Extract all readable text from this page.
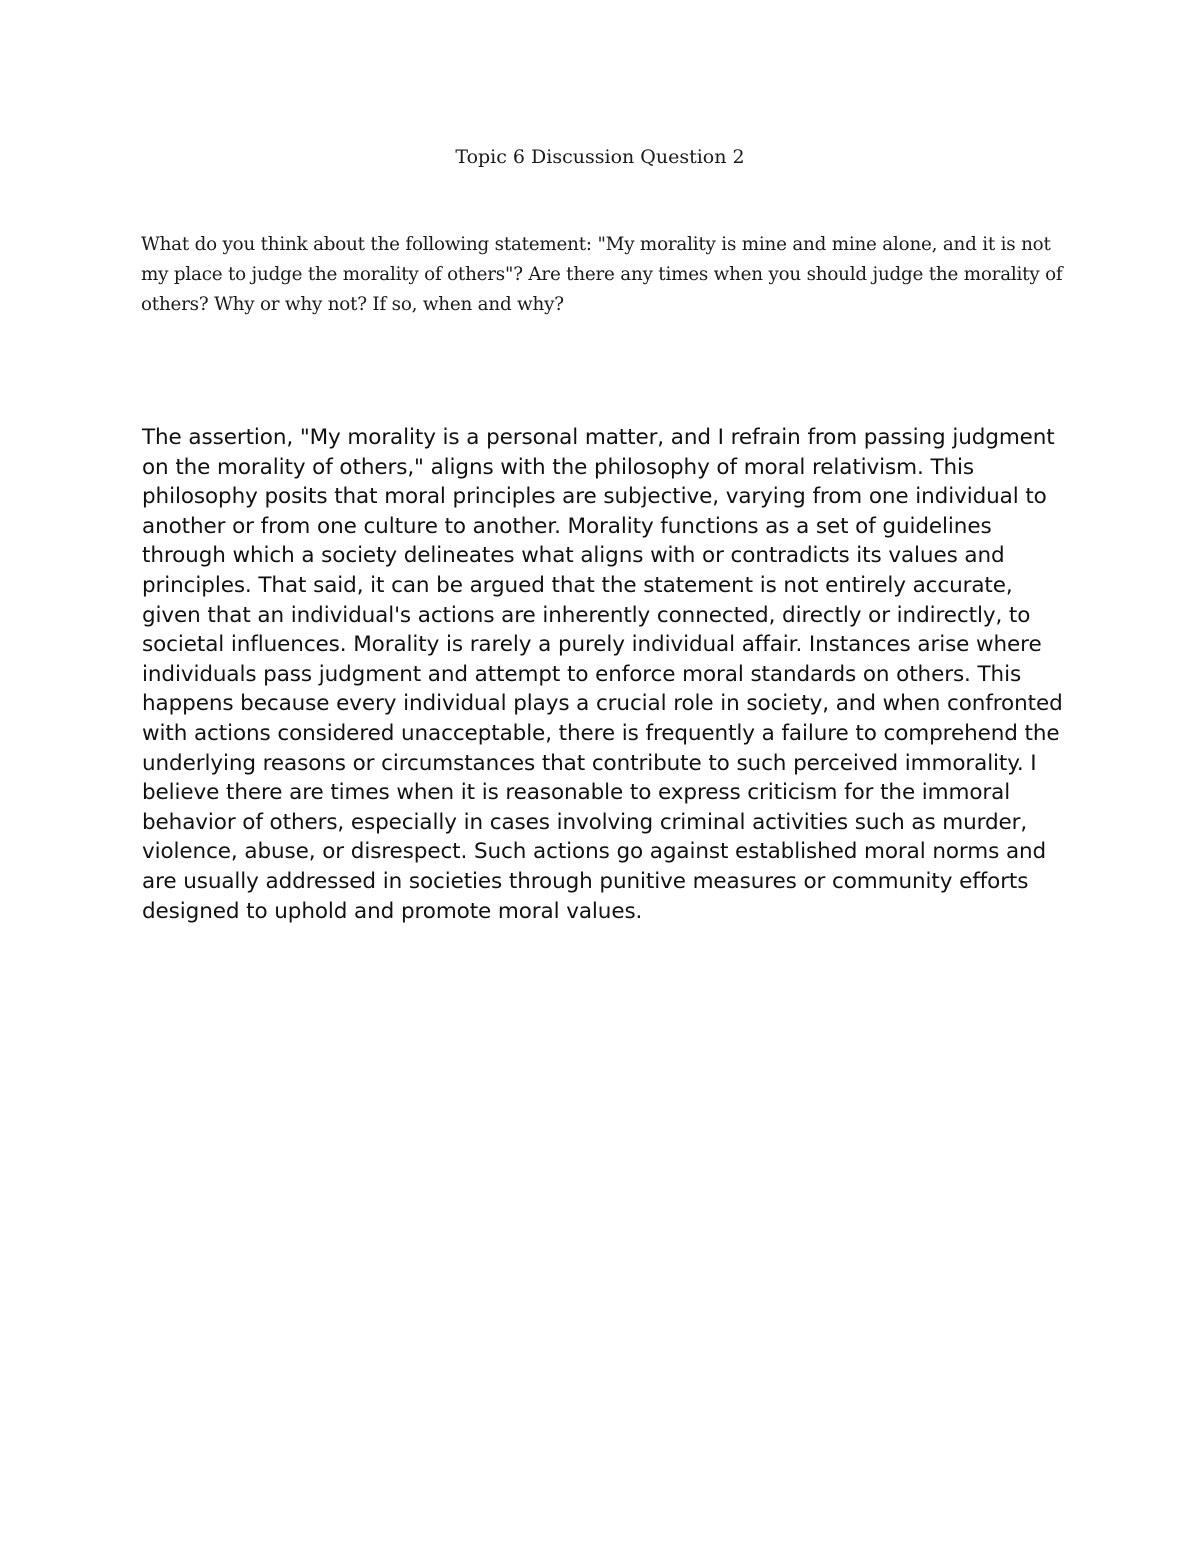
Topic 6 Discussion Question 2
What do you think about the following statement: "My morality is mine and mine alone, and it is not my place to judge the morality of others"? Are there any times when you should judge the morality of others? Why or why not? If so, when and why?
The assertion, "My morality is a personal matter, and I refrain from passing judgment on the morality of others," aligns with the philosophy of moral relativism. This philosophy posits that moral principles are subjective, varying from one individual to another or from one culture to another. Morality functions as a set of guidelines through which a society delineates what aligns with or contradicts its values and principles. That said, it can be argued that the statement is not entirely accurate, given that an individual's actions are inherently connected, directly or indirectly, to societal influences. Morality is rarely a purely individual affair. Instances arise where individuals pass judgment and attempt to enforce moral standards on others. This happens because every individual plays a crucial role in society, and when confronted with actions considered unacceptable, there is frequently a failure to comprehend the underlying reasons or circumstances that contribute to such perceived immorality. I believe there are times when it is reasonable to express criticism for the immoral behavior of others, especially in cases involving criminal activities such as murder, violence, abuse, or disrespect. Such actions go against established moral norms and are usually addressed in societies through punitive measures or community efforts designed to uphold and promote moral values.
